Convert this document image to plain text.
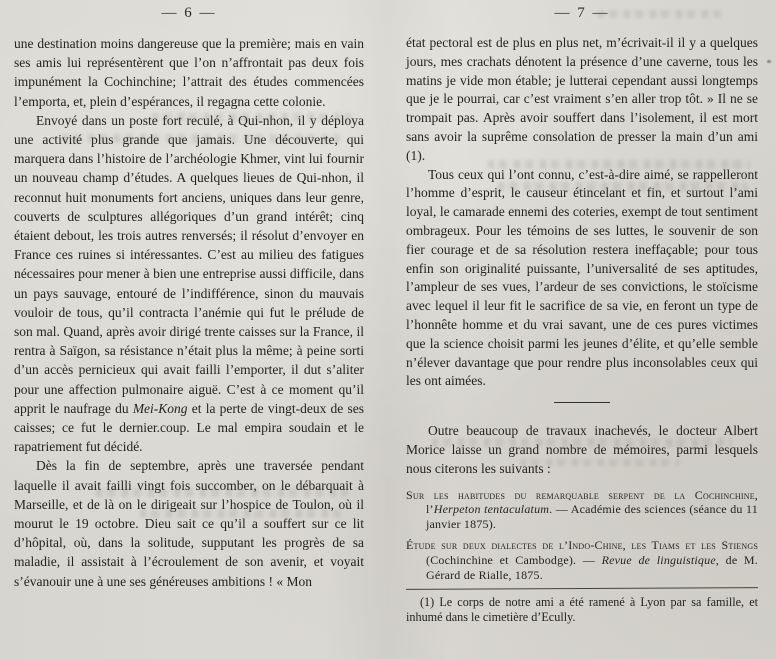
— 6 —	— 7 —

une destination moins dangereuse que la première; mais en vain ses amis lui représentèrent que l’on n’affrontait pas deux fois impunément la Cochinchine; l’attrait des études commencées l’emporta, et, plein d’espérances, il regagna cette colonie.

Envoyé dans un poste fort reculé, à Qui-nhon, il y déploya une activité plus grande que jamais. Une découverte, qui marquera dans l’histoire de l’archéologie Khmer, vint lui fournir un nouveau champ d’études. A quelques lieues de Qui-nhon, il reconnut huit monuments fort anciens, uniques dans leur genre, couverts de sculptures allégoriques d’un grand intérêt; cinq étaient debout, les trois autres renversés; il résolut d’envoyer en France ces ruines si intéressantes. C’est au milieu des fatigues nécessaires pour mener à bien une entreprise aussi difficile, dans un pays sauvage, entouré de l’indifférence, sinon du mauvais vouloir de tous, qu’il contracta l’anémie qui fut le prélude de son mal. Quand, après avoir dirigé trente caisses sur la France, il rentra à Saïgon, sa résistance n’était plus la même; à peine sorti d’un accès pernicieux qui avait failli l’emporter, il dut s’aliter pour une affection pulmonaire aiguë. C’est à ce moment qu’il apprit le naufrage du Mei-Kong et la perte de vingt-deux de ses caisses; ce fut le dernier.coup. Le mal empira soudain et le rapatriement fut décidé.

Dès la fin de septembre, après une traversée pendant laquelle il avait failli vingt fois succomber, on le débarquait à Marseille, et de là on le dirigeait sur l’hospice de Toulon, où il mourut le 19 octobre. Dieu sait ce qu’il a souffert sur ce lit d’hôpital, où, dans la solitude, supputant les progrès de sa maladie, il assistait à l’écroulement de son avenir, et voyait s’évanouir une à une ses généreuses ambitions ! « Mon

état pectoral est de plus en plus net, m’écrivait-il il y a quelques jours, mes crachats dénotent la présence d’une caverne, tous les matins je vide mon étable; je lutterai cependant aussi longtemps que je le pourrai, car c’est vraiment s’en aller trop tôt. » Il ne se trompait pas. Après avoir souffert dans l’isolement, il est mort sans avoir la suprême consolation de presser la main d’un ami (1).

Tous ceux qui l’ont connu, c’est-à-dire aimé, se rappelleront l’homme d’esprit, le causeur étincelant et fin, et surtout l’ami loyal, le camarade ennemi des coteries, exempt de tout sentiment ombrageux. Pour les témoins de ses luttes, le souvenir de son fier courage et de sa résolution restera ineffaçable; pour tous enfin son originalité puissante, l’universalité de ses aptitudes, l’ampleur de ses vues, l’ardeur de ses convictions, le stoïcisme avec lequel il leur fit le sacrifice de sa vie, en feront un type de l’honnête homme et du vrai savant, une de ces pures victimes que la science choisit parmi les jeunes d’élite, et qu’elle semble n’élever davantage que pour rendre plus inconsolables ceux qui les ont aimées.

Outre beaucoup de travaux inachevés, le docteur Albert Morice laisse un grand nombre de mémoires, parmi lesquels nous citerons les suivants :

Sur les habitudes du remarquable serpent de la Cochinchine, l’Herpeton tentaculatum. — Académie des sciences (séance du 11 janvier 1875).

Étude sur deux dialectes de l’Indo-Chine, les Tiams et les Stiengs (Cochinchine et Cambodge). — Revue de linguistique, de M. Gérard de Rialle, 1875.

(1) Le corps de notre ami a été ramené à Lyon par sa famille, et inhumé dans le cimetière d’Ecully.
